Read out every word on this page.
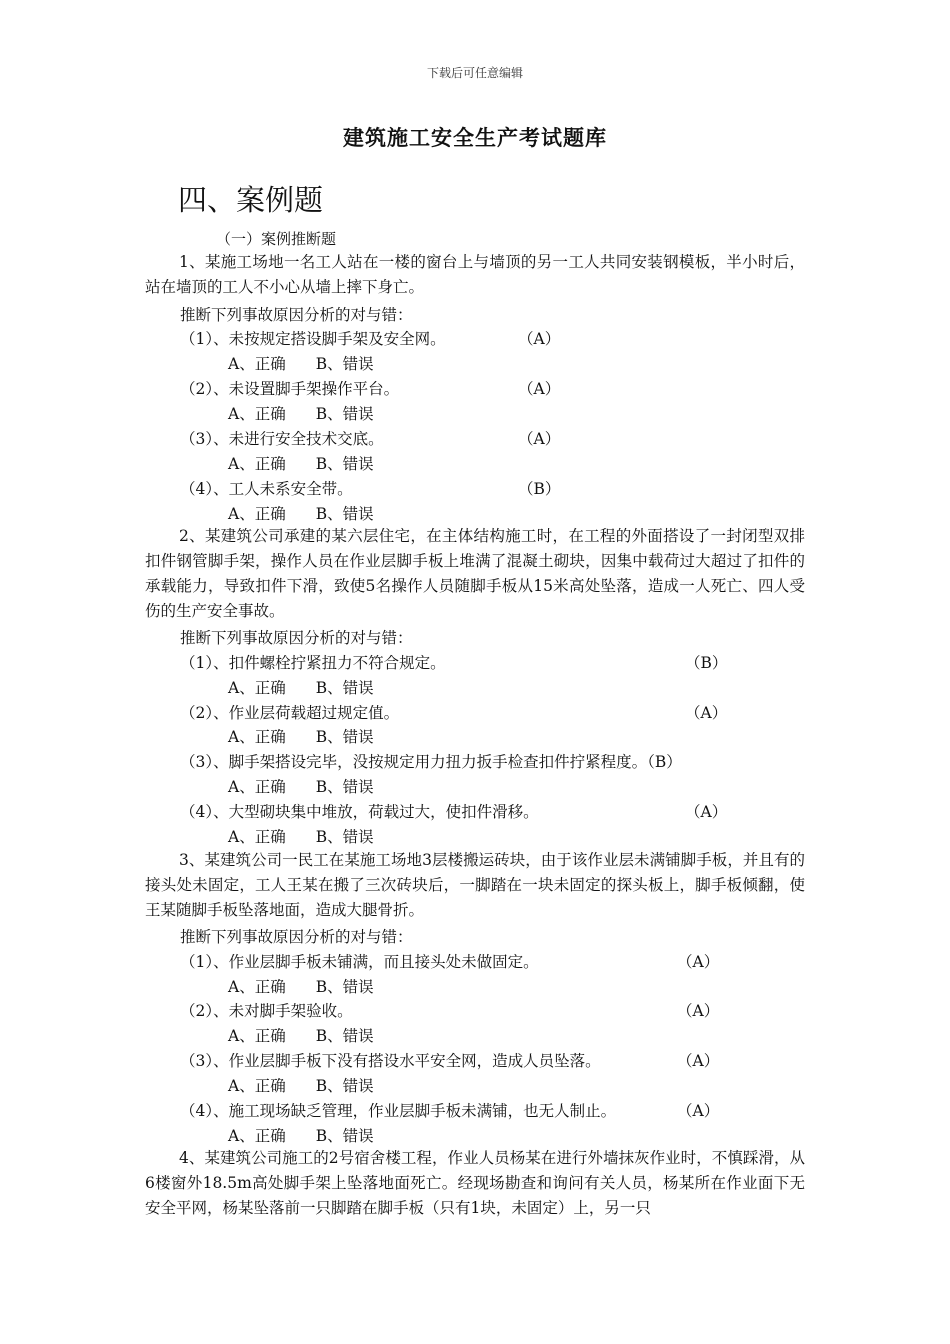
下载后可任意编辑
建筑施工安全生产考试题库
四、案例题
（一）案例推断题
1、某施工场地一名工人站在一楼的窗台上与墙顶的另一工人共同安装钢模板，半小时后，站在墙顶的工人不小心从墙上摔下身亡。
推断下列事故原因分析的对与错：
（1）、未按规定搭设脚手架及安全网。	（A）
A、正确 B、错误
（2）、未设置脚手架操作平台。	（A）
A、正确 B、错误
（3）、未进行安全技术交底。	（A）
A、正确 B、错误
（4）、工人未系安全带。	（B）
A、正确 B、错误
2、某建筑公司承建的某六层住宅，在主体结构施工时，在工程的外面搭设了一封闭型双排扣件钢管脚手架，操作人员在作业层脚手板上堆满了混凝土砌块，因集中载荷过大超过了扣件的承载能力，导致扣件下滑，致使5名操作人员随脚手板从15米高处坠落，造成一人死亡、四人受伤的生产安全事故。
推断下列事故原因分析的对与错：
（1）、扣件螺栓拧紧扭力不符合规定。	（B）
A、正确 B、错误
（2）、作业层荷载超过规定值。	（A）
A、正确 B、错误
（3）、脚手架搭设完毕，没按规定用力扭力扳手检查扣件拧紧程度。（B）
A、正确 B、错误
（4）、大型砌块集中堆放，荷载过大，使扣件滑移。	（A）
A、正确 B、错误
3、某建筑公司一民工在某施工场地3层楼搬运砖块，由于该作业层未满铺脚手板，并且有的接头处未固定，工人王某在搬了三次砖块后，一脚踏在一块未固定的探头板上，脚手板倾翻，使王某随脚手板坠落地面，造成大腿骨折。
推断下列事故原因分析的对与错：
（1）、作业层脚手板未铺满，而且接头处未做固定。	（A）
A、正确 B、错误
（2）、未对脚手架验收。	（A）
A、正确 B、错误
（3）、作业层脚手板下没有搭设水平安全网，造成人员坠落。	（A）
A、正确 B、错误
（4）、施工现场缺乏管理，作业层脚手板未满铺，也无人制止。	（A）
A、正确 B、错误
4、某建筑公司施工的2号宿舍楼工程，作业人员杨某在进行外墙抹灰作业时，不慎踩滑，从6楼窗外18.5m高处脚手架上坠落地面死亡。经现场勘查和询问有关人员，杨某所在作业面下无安全平网，杨某坠落前一只脚踏在脚手板（只有1块，未固定）上，另一只
